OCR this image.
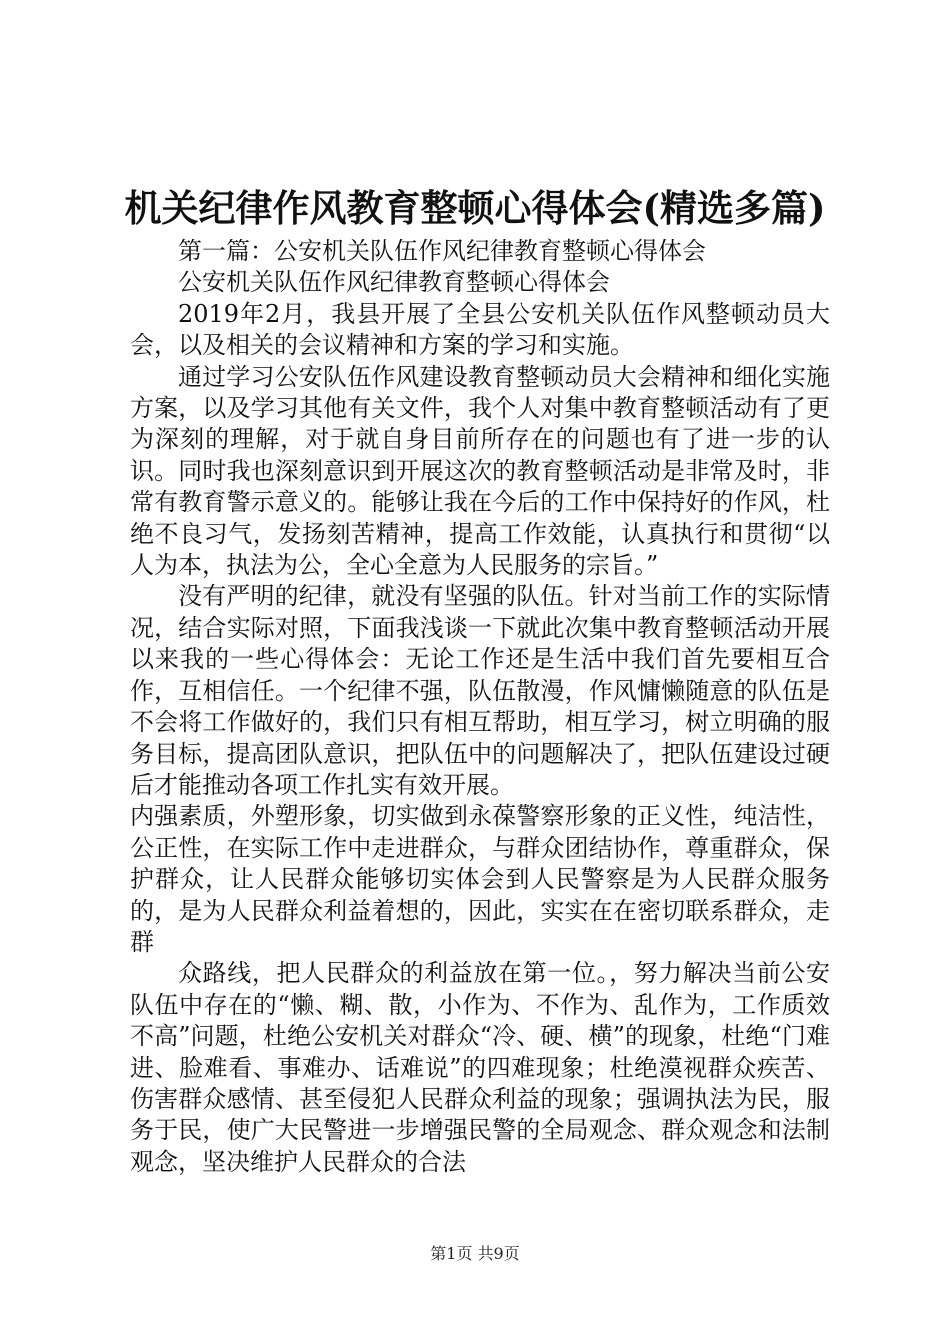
机关纪律作风教育整顿心得体会(精选多篇)

第一篇：公安机关队伍作风纪律教育整顿心得体会

公安机关队伍作风纪律教育整顿心得体会

2019年2月，我县开展了全县公安机关队伍作风整顿动员大会，以及相关的会议精神和方案的学习和实施。

通过学习公安队伍作风建设教育整顿动员大会精神和细化实施方案，以及学习其他有关文件，我个人对集中教育整顿活动有了更为深刻的理解，对于就自身目前所存在的问题也有了进一步的认识。同时我也深刻意识到开展这次的教育整顿活动是非常及时，非常有教育警示意义的。能够让我在今后的工作中保持好的作风，杜绝不良习气，发扬刻苦精神，提高工作效能，认真执行和贯彻“以人为本，执法为公，全心全意为人民服务的宗旨。”

没有严明的纪律，就没有坚强的队伍。针对当前工作的实际情况，结合实际对照，下面我浅谈一下就此次集中教育整顿活动开展以来我的一些心得体会：无论工作还是生活中我们首先要相互合作，互相信任。一个纪律不强，队伍散漫，作风慵懒随意的队伍是不会将工作做好的，我们只有相互帮助，相互学习，树立明确的服务目标，提高团队意识，把队伍中的问题解决了，把队伍建设过硬后才能推动各项工作扎实有效开展。

内强素质，外塑形象，切实做到永葆警察形象的正义性，纯洁性，公正性，在实际工作中走进群众，与群众团结协作，尊重群众，保护群众，让人民群众能够切实体会到人民警察是为人民群众服务的，是为人民群众利益着想的，因此，实实在在密切联系群众，走群

众路线，把人民群众的利益放在第一位。，努力解决当前公安队伍中存在的“懒、糊、散，小作为、不作为、乱作为，工作质效不高”问题，杜绝公安机关对群众“冷、硬、横”的现象，杜绝“门难进、脸难看、事难办、话难说”的四难现象；杜绝漠视群众疾苦、伤害群众感情、甚至侵犯人民群众利益的现象；强调执法为民，服务于民，使广大民警进一步增强民警的全局观念、群众观念和法制观念，坚决维护人民群众的合法

第1页 共9页
